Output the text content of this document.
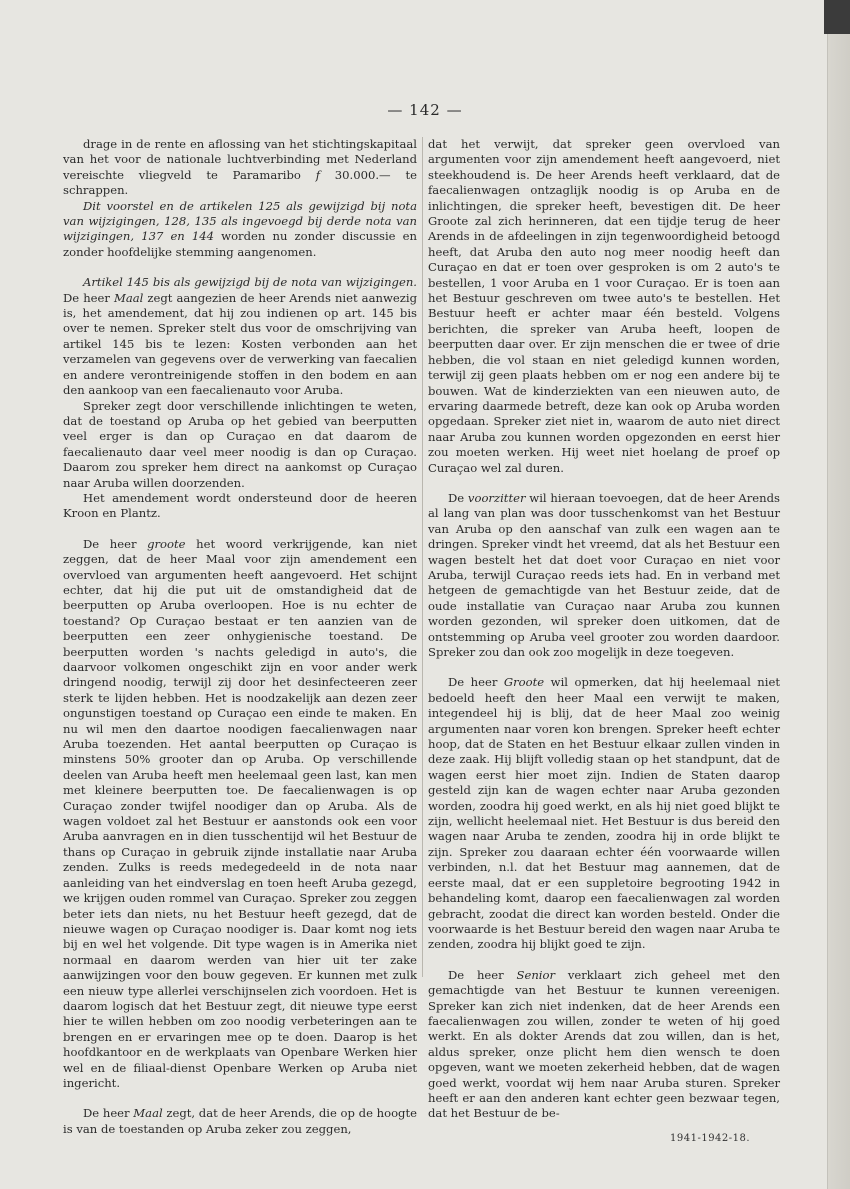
— 142 —

drage in de rente en aflossing van het stichtingskapitaal van het voor de nationale luchtverbinding met Nederland vereischte vliegveld te Paramaribo f 30.000.— te schrappen.

Dit voorstel en de artikelen 125 als gewijzigd bij nota van wijzigingen, 128, 135 als ingevoegd bij derde nota van wijzigingen, 137 en 144 worden nu zonder discussie en zonder hoofdelijke stemming aangenomen.

Artikel 145 bis als gewijzigd bij de nota van wijzigingen. De heer Maal zegt aangezien de heer Arends niet aanwezig is, het amendement, dat hij zou indienen op art. 145 bis over te nemen. Spreker stelt dus voor de omschrijving van artikel 145 bis te lezen: Kosten verbonden aan het verzamelen van gegevens over de verwerking van faecalien en andere verontreinigende stoffen in den bodem en aan den aankoop van een faecalienauto voor Aruba.

Spreker zegt door verschillende inlichtingen te weten, dat de toestand op Aruba op het gebied van beerputten veel erger is dan op Curaçao en dat daarom de faecalienauto daar veel meer noodig is dan op Curaçao. Daarom zou spreker hem direct na aankomst op Curaçao naar Aruba willen doorzenden.

Het amendement wordt ondersteund door de heeren Kroon en Plantz.

De heer groote het woord verkrijgende, kan niet zeggen, dat de heer Maal voor zijn amendement een overvloed van argumenten heeft aangevoerd. Het schijnt echter, dat hij die put uit de omstandigheid dat de beerputten op Aruba overloopen. Hoe is nu echter de toestand? Op Curaçao bestaat er ten aanzien van de beerputten een zeer onhygienische toestand. De beerputten worden 's nachts geledigd in auto's, die daarvoor volkomen ongeschikt zijn en voor ander werk dringend noodig, terwijl zij door het desinfecteeren zeer sterk te lijden hebben. Het is noodzakelijk aan dezen zeer ongunstigen toestand op Curaçao een einde te maken. En nu wil men den daartoe noodigen faecalienwagen naar Aruba toezenden. Het aantal beerputten op Curaçao is minstens 50% grooter dan op Aruba. Op verschillende deelen van Aruba heeft men heelemaal geen last, kan men met kleinere beerputten toe. De faecalienwagen is op Curaçao zonder twijfel noodiger dan op Aruba. Als de wagen voldoet zal het Bestuur er aanstonds ook een voor Aruba aanvragen en in dien tusschentijd wil het Bestuur de thans op Curaçao in gebruik zijnde installatie naar Aruba zenden. Zulks is reeds medegedeeld in de nota naar aanleiding van het eindverslag en toen heeft Aruba gezegd, we krijgen ouden rommel van Curaçao. Spreker zou zeggen beter iets dan niets, nu het Bestuur heeft gezegd, dat de nieuwe wagen op Curaçao noodiger is. Daar komt nog iets bij en wel het volgende. Dit type wagen is in Amerika niet normaal en daarom werden van hier uit ter zake aanwijzingen voor den bouw gegeven. Er kunnen met zulk een nieuw type allerlei verschijnselen zich voordoen. Het is daarom logisch dat het Bestuur zegt, dit nieuwe type eerst hier te willen hebben om zoo noodig verbeteringen aan te brengen en er ervaringen mee op te doen. Daarop is het hoofdkantoor en de werkplaats van Openbare Werken hier wel en de filiaal-dienst Openbare Werken op Aruba niet ingericht.

De heer Maal zegt, dat de heer Arends, die op de hoogte is van de toestanden op Aruba zeker zou zeggen,

dat het verwijt, dat spreker geen overvloed van argumenten voor zijn amendement heeft aangevoerd, niet steekhoudend is. De heer Arends heeft verklaard, dat de faecalienwagen ontzaglijk noodig is op Aruba en de inlichtingen, die spreker heeft, bevestigen dit. De heer Groote zal zich herinneren, dat een tijdje terug de heer Arends in de afdeelingen in zijn tegenwoordigheid betoogd heeft, dat Aruba den auto nog meer noodig heeft dan Curaçao en dat er toen over gesproken is om 2 auto's te bestellen, 1 voor Aruba en 1 voor Curaçao. Er is toen aan het Bestuur geschreven om twee auto's te bestellen. Het Bestuur heeft er achter maar één besteld. Volgens berichten, die spreker van Aruba heeft, loopen de beerputten daar over. Er zijn menschen die er twee of drie hebben, die vol staan en niet geledigd kunnen worden, terwijl zij geen plaats hebben om er nog een andere bij te bouwen. Wat de kinderziekten van een nieuwen auto, de ervaring daarmede betreft, deze kan ook op Aruba worden opgedaan. Spreker ziet niet in, waarom de auto niet direct naar Aruba zou kunnen worden opgezonden en eerst hier zou moeten werken. Hij weet niet hoelang de proef op Curaçao wel zal duren.

De voorzitter wil hieraan toevoegen, dat de heer Arends al lang van plan was door tusschenkomst van het Bestuur van Aruba op den aanschaf van zulk een wagen aan te dringen. Spreker vindt het vreemd, dat als het Bestuur een wagen bestelt het dat doet voor Curaçao en niet voor Aruba, terwijl Curaçao reeds iets had. En in verband met hetgeen de gemachtigde van het Bestuur zeide, dat de oude installatie van Curaçao naar Aruba zou kunnen worden gezonden, wil spreker doen uitkomen, dat de ontstemming op Aruba veel grooter zou worden daardoor. Spreker zou dan ook zoo mogelijk in deze toegeven.

De heer Groote wil opmerken, dat hij heelemaal niet bedoeld heeft den heer Maal een verwijt te maken, integendeel hij is blij, dat de heer Maal zoo weinig argumenten naar voren kon brengen. Spreker heeft echter hoop, dat de Staten en het Bestuur elkaar zullen vinden in deze zaak. Hij blijft volledig staan op het standpunt, dat de wagen eerst hier moet zijn. Indien de Staten daarop gesteld zijn kan de wagen echter naar Aruba gezonden worden, zoodra hij goed werkt, en als hij niet goed blijkt te zijn, wellicht heelemaal niet. Het Bestuur is dus bereid den wagen naar Aruba te zenden, zoodra hij in orde blijkt te zijn. Spreker zou daaraan echter één voorwaarde willen verbinden, n.l. dat het Bestuur mag aannemen, dat de eerste maal, dat er een suppletoire begrooting 1942 in behandeling komt, daarop een faecalienwagen zal worden gebracht, zoodat die direct kan worden besteld. Onder die voorwaarde is het Bestuur bereid den wagen naar Aruba te zenden, zoodra hij blijkt goed te zijn.

De heer Senior verklaart zich geheel met den gemachtigde van het Bestuur te kunnen vereenigen. Spreker kan zich niet indenken, dat de heer Arends een faecalienwagen zou willen, zonder te weten of hij goed werkt. En als dokter Arends dat zou willen, dan is het, aldus spreker, onze plicht hem dien wensch te doen opgeven, want we moeten zekerheid hebben, dat de wagen goed werkt, voordat wij hem naar Aruba sturen. Spreker heeft er aan den anderen kant echter geen bezwaar tegen, dat het Bestuur de be-

1941-1942-18.
